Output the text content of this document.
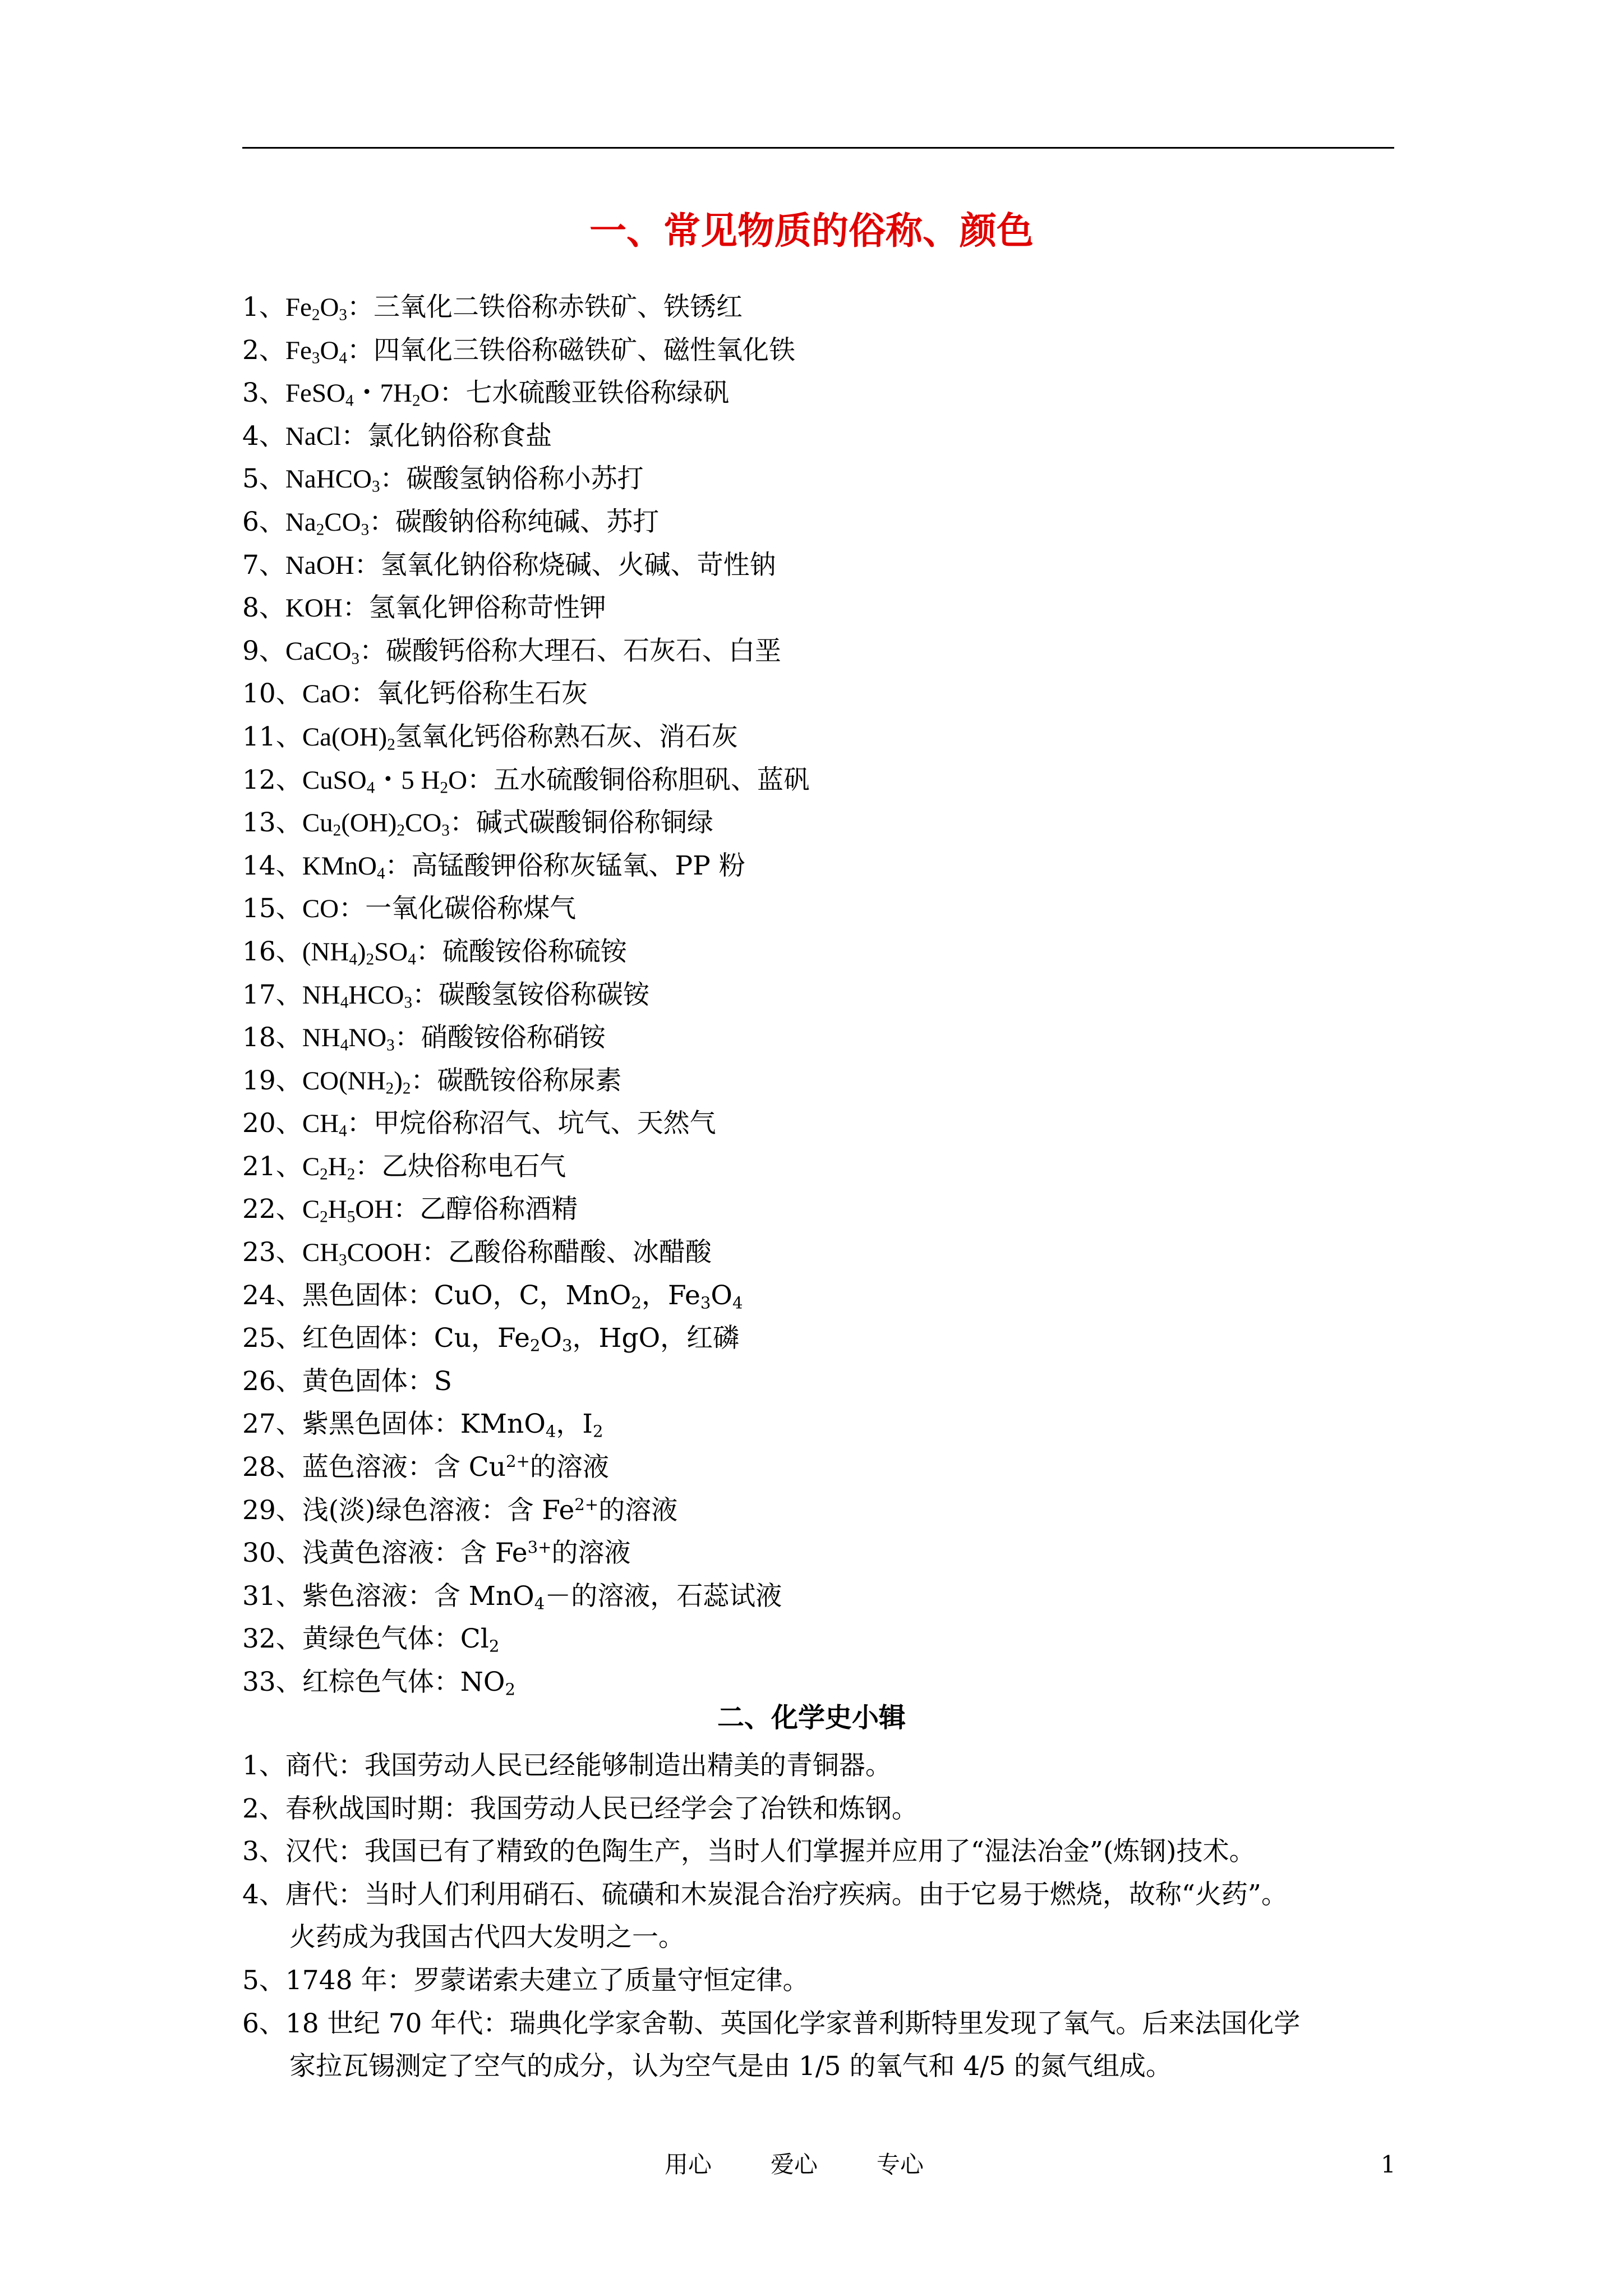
一、常见物质的俗称、颜色
1、$Fe_2O_3$：三氧化二铁俗称赤铁矿、铁锈红
2、$Fe_3O_4$：四氧化三铁俗称磁铁矿、磁性氧化铁
3、FeSO$_4$・$7H_2O$：七水硫酸亚铁俗称绿矾
4、NaCl：氯化钠俗称食盐
5、NaHCO$_3$：碳酸氢钠俗称小苏打
6、$Na_2CO_3$：碳酸钠俗称纯碱、苏打
7、NaOH：氢氧化钠俗称烧碱、火碱、苛性钠
8、KOH：氢氧化钾俗称苛性钾
9、CaCO$_3$：碳酸钙俗称大理石、石灰石、白垩
10、CaO：氧化钙俗称生石灰
11、$Ca(OH)_2$氢氧化钙俗称熟石灰、消石灰
12、CuSO$_4$・5 $H_2O$：五水硫酸铜俗称胆矾、蓝矾
13、$Cu_2(OH)_2CO_3$：碱式碳酸铜俗称铜绿
14、KMnO$_4$：高锰酸钾俗称灰锰氧、PP 粉
15、CO：一氧化碳俗称煤气
16、$(NH_4)_2SO_4$：硫酸铵俗称硫铵
17、$NH_4HCO_3$：碳酸氢铵俗称碳铵
18、$NH_4NO_3$：硝酸铵俗称硝铵
19、$CO(NH_2)_2$：碳酰铵俗称尿素
20、$CH_4$：甲烷俗称沼气、坑气、天然气
21、$C_2H_2$：乙炔俗称电石气
22、$C_2H_5OH$：乙醇俗称酒精
23、$CH_3COOH$：乙酸俗称醋酸、冰醋酸
24、黑色固体：CuO，C，MnO$_2$，$Fe_3O_4$
25、红色固体：Cu，$Fe_2O_3$，HgO，红磷
26、黄色固体：S
27、紫黑色固体：KMnO$_4$，$I_2$
28、蓝色溶液：含 $Cu^{2+}$的溶液
29、浅(淡)绿色溶液：含 $Fe^{2+}$的溶液
30、浅黄色溶液：含 $Fe^{3+}$的溶液
31、紫色溶液：含 MnO$_4$－的溶液，石蕊试液
32、黄绿色气体：$Cl_2$
33、红棕色气体：$NO_2$
二、化学史小辑
1、商代：我国劳动人民已经能够制造出精美的青铜器。
2、春秋战国时期：我国劳动人民已经学会了冶铁和炼钢。
3、汉代：我国已有了精致的色陶生产，当时人们掌握并应用了“湿法冶金”(炼钢)技术。
4、唐代：当时人们利用硝石、硫磺和木炭混合治疗疾病。由于它易于燃烧，故称“火药”。
火药成为我国古代四大发明之一。
5、1748 年：罗蒙诺索夫建立了质量守恒定律。
6、18 世纪 70 年代：瑞典化学家舍勒、英国化学家普利斯特里发现了氧气。后来法国化学
家拉瓦锡测定了空气的成分，认为空气是由 1/5 的氧气和 4/5 的氮气组成。
用心	爱心	专心	1
